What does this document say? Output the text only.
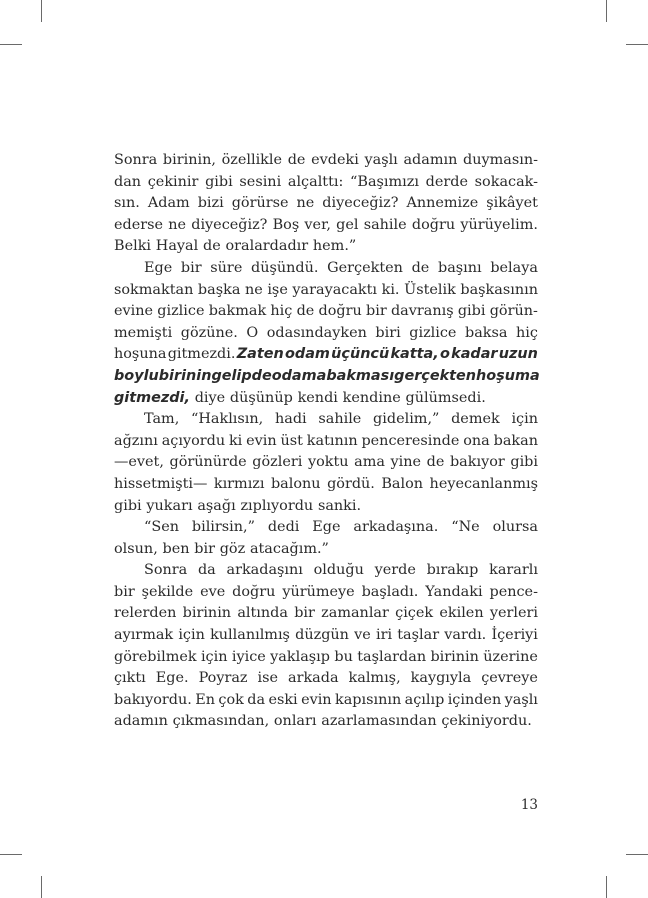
Sonra birinin, özellikle de evdeki yaşlı adamın duymasın-
dan çekinir gibi sesini alçalttı: “Başımızı derde sokacak-
sın. Adam bizi görürse ne diyeceğiz? Annemize şikâyet
ederse ne diyeceğiz? Boş ver, gel sahile doğru yürüyelim.
Belki Hayal de oralardadır hem.”
Ege bir süre düşündü. Gerçekten de başını belaya
sokmaktan başka ne işe yarayacaktı ki. Üstelik başkasının
evine gizlice bakmak hiç de doğru bir davranış gibi görün-
memişti gözüne. O odasındayken biri gizlice baksa hiç
hoşuna gitmezdi. Zaten odam üçüncü katta, o kadar uzun
boylu birinin gelip de odama bakması gerçekten hoşuma
gitmezdi, diye düşünüp kendi kendine gülümsedi.
Tam, “Haklısın, hadi sahile gidelim,” demek için
ağzını açıyordu ki evin üst katının penceresinde ona bakan
—evet, görünürde gözleri yoktu ama yine de bakıyor gibi
hissetmişti— kırmızı balonu gördü. Balon heyecanlanmış
gibi yukarı aşağı zıplıyordu sanki.
“Sen bilirsin,” dedi Ege arkadaşına. “Ne olursa
olsun, ben bir göz atacağım.”
Sonra da arkadaşını olduğu yerde bırakıp kararlı
bir şekilde eve doğru yürümeye başladı. Yandaki pence-
relerden birinin altında bir zamanlar çiçek ekilen yerleri
ayırmak için kullanılmış düzgün ve iri taşlar vardı. İçeriyi
görebilmek için iyice yaklaşıp bu taşlardan birinin üzerine
çıktı Ege. Poyraz ise arkada kalmış, kaygıyla çevreye
bakıyordu. En çok da eski evin kapısının açılıp içinden yaşlı
adamın çıkmasından, onları azarlamasından çekiniyordu.
13
